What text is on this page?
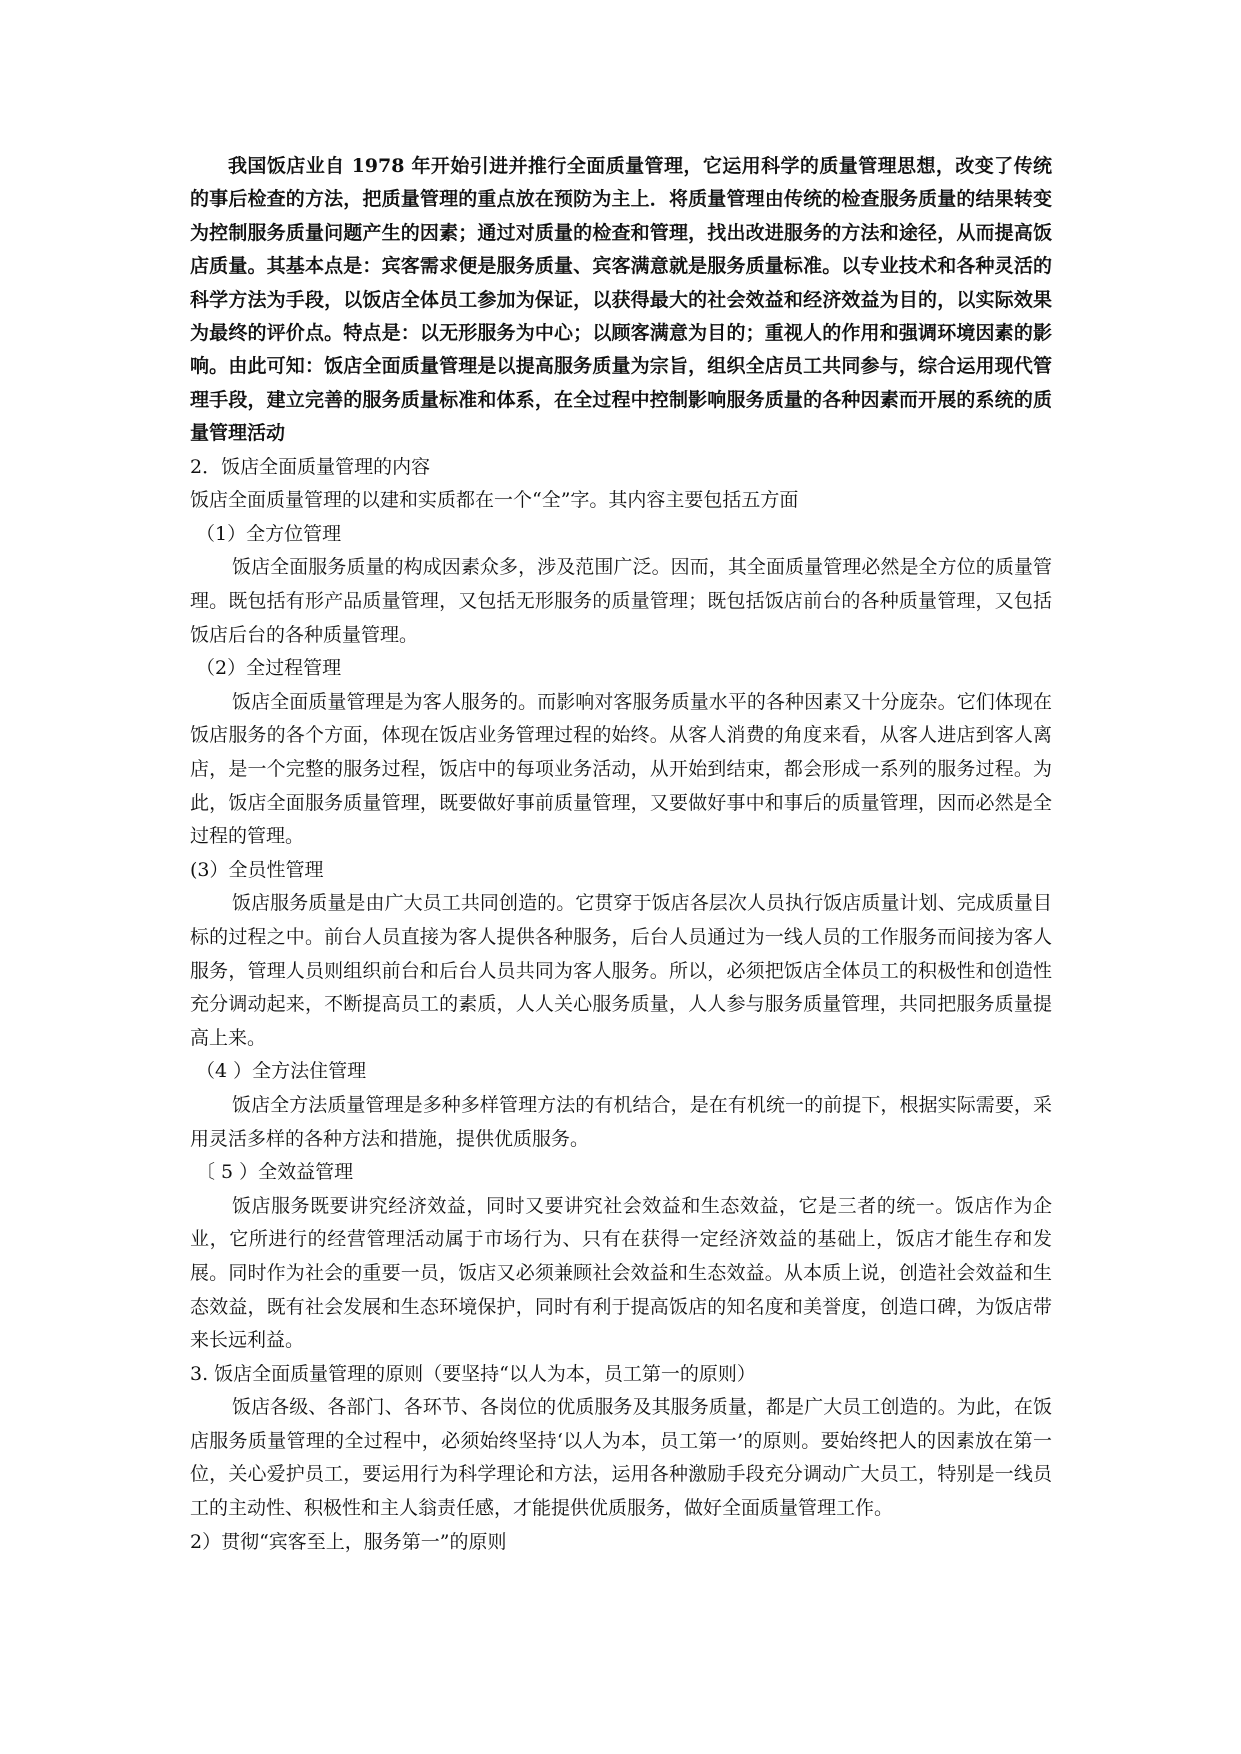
我国饭店业自 1978 年开始引进并推行全面质量管理，它运用科学的质量管理思想，改变了传统的事后检查的方法，把质量管理的重点放在预防为主上．将质量管理由传统的检查服务质量的结果转变为控制服务质量问题产生的因素；通过对质量的检查和管理，找出改进服务的方法和途径，从而提高饭店质量。其基本点是：宾客需求便是服务质量、宾客满意就是服务质量标准。以专业技术和各种灵活的科学方法为手段，以饭店全体员工参加为保证，以获得最大的社会效益和经济效益为目的，以实际效果为最终的评价点。特点是：以无形服务为中心；以顾客满意为目的；重视人的作用和强调环境因素的影响。由此可知：饭店全面质量管理是以提高服务质量为宗旨，组织全店员工共同参与，综合运用现代管理手段，建立完善的服务质量标准和体系，在全过程中控制影响服务质量的各种因素而开展的系统的质量管理活动

2．饭店全面质量管理的内容

饭店全面质量管理的以建和实质都在一个“全”字。其内容主要包括五方面

（1）全方位管理

饭店全面服务质量的构成因素众多，涉及范围广泛。因而，其全面质量管理必然是全方位的质量管理。既包括有形产品质量管理，又包括无形服务的质量管理；既包括饭店前台的各种质量管理，又包括饭店后台的各种质量管理。

（2）全过程管理

饭店全面质量管理是为客人服务的。而影响对客服务质量水平的各种因素又十分庞杂。它们体现在饭店服务的各个方面，体现在饭店业务管理过程的始终。从客人消费的角度来看，从客人进店到客人离店，是一个完整的服务过程，饭店中的每项业务活动，从开始到结束，都会形成一系列的服务过程。为此，饭店全面服务质量管理，既要做好事前质量管理，又要做好事中和事后的质量管理，因而必然是全过程的管理。

(3）全员性管理

饭店服务质量是由广大员工共同创造的。它贯穿于饭店各层次人员执行饭店质量计划、完成质量目标的过程之中。前台人员直接为客人提供各种服务，后台人员通过为一线人员的工作服务而间接为客人服务，管理人员则组织前台和后台人员共同为客人服务。所以，必须把饭店全体员工的积极性和创造性充分调动起来，不断提高员工的素质，人人关心服务质量，人人参与服务质量管理，共同把服务质量提高上来。

（4 ）全方法住管理

饭店全方法质量管理是多种多样管理方法的有机结合，是在有机统一的前提下，根据实际需要，采用灵活多样的各种方法和措施，提供优质服务。

〔 5 ）全效益管理

饭店服务既要讲究经济效益，同时又要讲究社会效益和生态效益，它是三者的统一。饭店作为企业，它所进行的经营管理活动属于市场行为、只有在获得一定经济效益的基础上，饭店才能生存和发展。同时作为社会的重要一员，饭店又必须兼顾社会效益和生态效益。从本质上说，创造社会效益和生态效益，既有社会发展和生态环境保护，同时有利于提高饭店的知名度和美誉度，创造口碑，为饭店带来长远利益。

3. 饭店全面质量管理的原则（要坚持“以人为本，员工第一的原则）

饭店各级、各部门、各环节、各岗位的优质服务及其服务质量，都是广大员工创造的。为此，在饭店服务质量管理的全过程中，必须始终坚持‘以人为本，员工第一’的原则。要始终把人的因素放在第一位，关心爱护员工，要运用行为科学理论和方法，运用各种激励手段充分调动广大员工，特别是一线员工的主动性、积极性和主人翁责任感，才能提供优质服务，做好全面质量管理工作。

2）贯彻“宾客至上，服务第一”的原则
